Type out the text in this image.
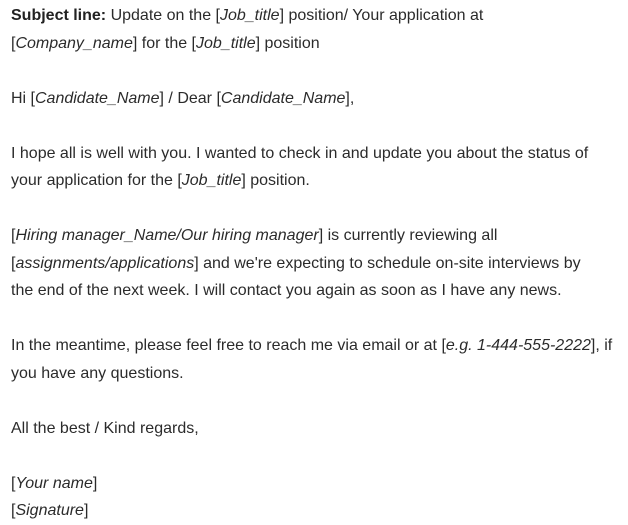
Subject line: Update on the [Job_title] position/ Your application at
[Company_name] for the [Job_title] position
Hi [Candidate_Name] / Dear [Candidate_Name],
I hope all is well with you. I wanted to check in and update you about the status of
your application for the [Job_title] position.
[Hiring manager_Name/Our hiring manager] is currently reviewing all
[assignments/applications] and we're expecting to schedule on-site interviews by
the end of the next week. I will contact you again as soon as I have any news.
In the meantime, please feel free to reach me via email or at [e.g. 1-444-555-2222], if
you have any questions.
All the best / Kind regards,
[Your name]
[Signature]
